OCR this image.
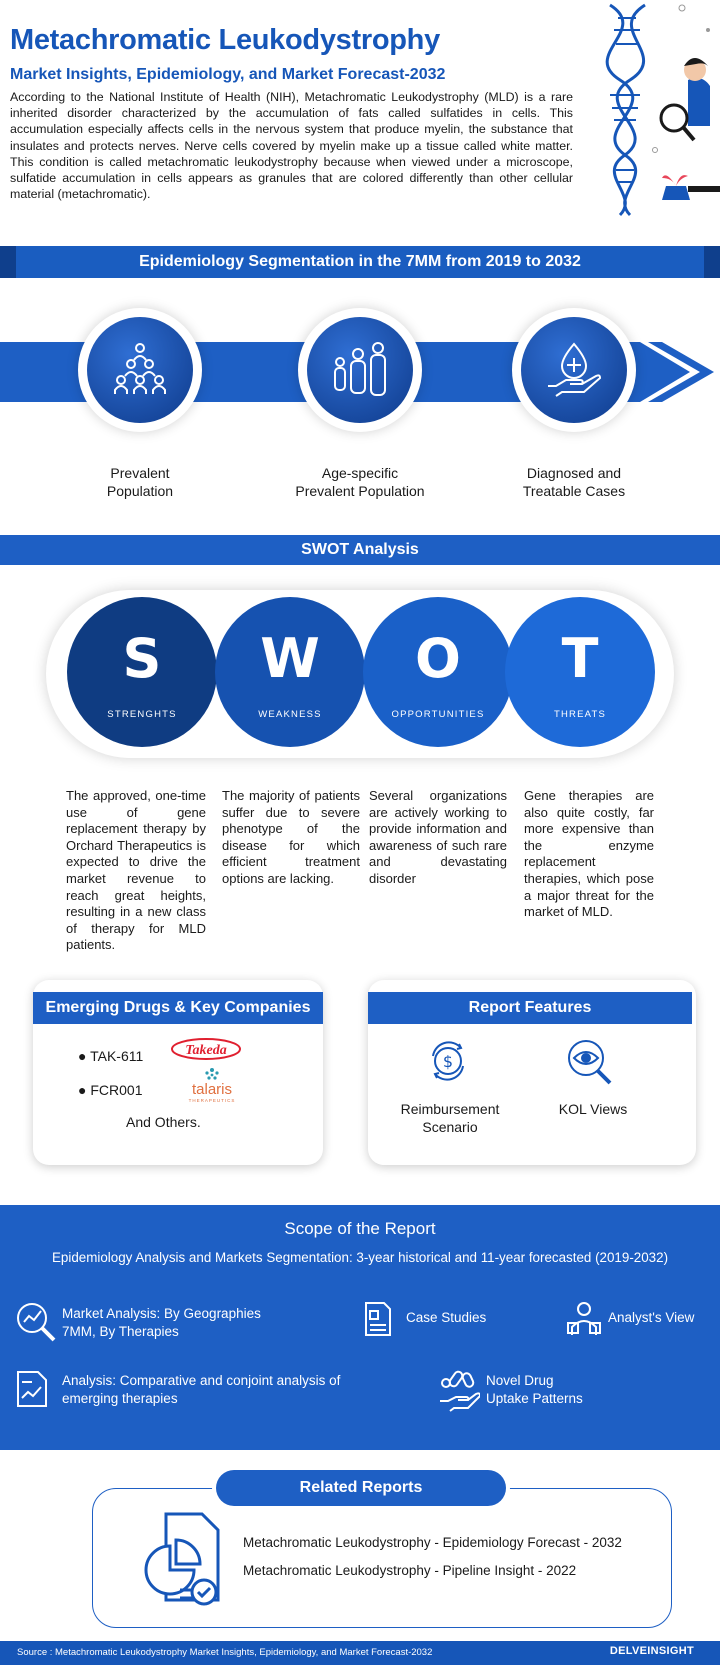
Metachromatic Leukodystrophy
Market Insights, Epidemiology, and Market Forecast-2032
According to the National Institute of Health (NIH), Metachromatic Leukodystrophy (MLD) is a rare inherited disorder characterized by the accumulation of fats called sulfatides in cells. This accumulation especially affects cells in the nervous system that produce myelin, the substance that insulates and protects nerves. Nerve cells covered by myelin make up a tissue called white matter. This condition is called metachromatic leukodystrophy because when viewed under a microscope, sulfatide accumulation in cells appears as granules that are colored differently than other cellular material (metachromatic).
Epidemiology Segmentation in the 7MM from 2019 to 2032
Prevalent
Population
Age-specific
Prevalent Population
Diagnosed and
Treatable Cases
SWOT Analysis
S
STRENGHTS
W
WEAKNESS
O
OPPORTUNITIES
T
THREATS
The approved, one-time use of gene replacement therapy by Orchard Therapeutics is expected to drive the market revenue to reach great heights, resulting in a new class of therapy for MLD patients.
The majority of patients suffer due to severe phenotype of the disease for which efficient treatment options are lacking.
Several organizations are actively working to provide information and awareness of such rare and devastating disorder
Gene therapies are also quite costly, far more expensive than the enzyme replacement therapies, which pose a major threat for the market of MLD.
Emerging Drugs & Key Companies
● TAK-611
● FCR001
Takeda
talaris
THERAPEUTICS
And Others.
Report Features
$
Reimbursement
Scenario
KOL Views
Scope of the Report
Epidemiology Analysis and Markets Segmentation: 3-year historical and 11-year forecasted (2019-2032)
Market Analysis: By Geographies
7MM, By Therapies
Case Studies	Analyst's View
Analysis: Comparative and conjoint analysis of
emerging therapies
Novel Drug
Uptake Patterns
Related Reports
Metachromatic Leukodystrophy - Epidemiology Forecast - 2032
Metachromatic Leukodystrophy - Pipeline Insight - 2022
Source : Metachromatic Leukodystrophy Market Insights, Epidemiology, and Market Forecast-2032	DELVEINSIGHT
